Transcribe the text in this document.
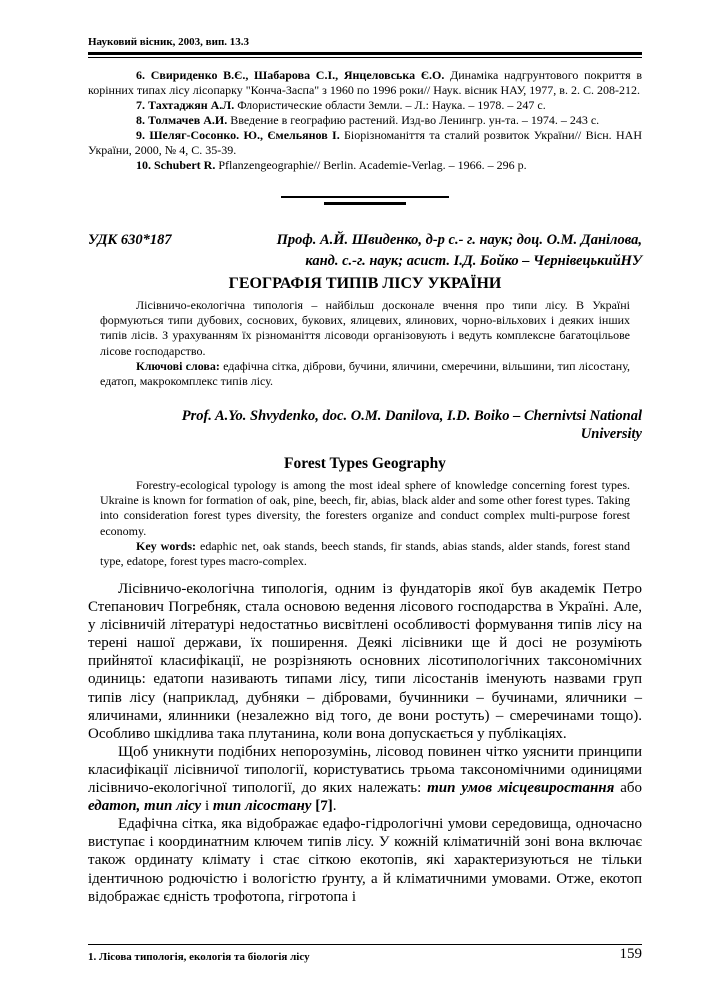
Науковий вісник, 2003, вип. 13.3

6. Свириденко В.Є., Шабарова С.І., Янцеловська Є.О. Динаміка надгрунтового покриття в корінних типах лісу лісопарку "Конча-Заспа" з 1960 по 1996 роки// Наук. вісник НАУ, 1977, в. 2. С. 208-212.

7. Тахтаджян А.Л. Флористические области Земли. – Л.: Наука. – 1978. – 247 с.

8. Толмачев А.И. Введение в географию растений. Изд-во Ленингр. ун-та. – 1974. – 243 с.

9. Шеляг-Сосонко. Ю., Ємельянов І. Біорізноманіття та сталий розвиток України// Вісн. НАН України, 2000, № 4, С. 35-39.

10. Schubert R. Pflanzengeographie// Berlin. Academie-Verlag. – 1966. – 296 р.

УДК 630*187	Проф. А.Й. Швиденко, д-р с.- г. наук; доц. О.М. Данілова,
канд. с.-г. наук; асист. І.Д. Бойко – ЧернівецькийНУ
ГЕОГРАФІЯ ТИПІВ ЛІСУ УКРАЇНИ

Лісівничо-екологічна типологія – найбільш досконале вчення про типи лісу. В Україні формуються типи дубових, соснових, букових, ялицевих, ялинових, чорно-вільхових і деяких інших типів лісів. З урахуванням їх різноманіття лісоводи організовують і ведуть комплексне багатоцільове лісове господарство.

Ключові слова: едафічна сітка, діброви, бучини, яличини, смеречини, вільшини, тип лісостану, едатоп, макрокомплекс типів лісу.

Prof. A.Yo. Shvydenko, doc. O.M. Danilova, I.D. Boiko – Chernivtsi National
University
Forest Types Geography

Forestry-ecological typology is among the most ideal sphere of knowledge concerning forest types. Ukraine is known for formation of oak, pine, beech, fir, abias, black alder and some other forest types. Taking into consideration forest types diversity, the foresters organize and conduct complex multi-purpose forest economy.

Key words: edaphic net, oak stands, beech stands, fir stands, abias stands, alder stands, forest stand type, edatope, forest types macro-complex.

Лісівничо-екологічна типологія, одним із фундаторів якої був академік Петро Степанович Погребняк, стала основою ведення лісового господарства в Україні. Але, у лісівничій літературі недостатньо висвітлені особливості формування типів лісу на терені нашої держави, їх поширення. Деякі лісівники ще й досі не розуміють прийнятої класифікації, не розрізняють основних лісотипологічних таксономічних одиниць: едатопи називають типами лісу, типи лісостанів іменують назвами груп типів лісу (наприклад, дубняки – дібровами, бучинники – бучинами, яличники – яличинами, ялинники (незалежно від того, де вони ростуть) – смеречинами тощо). Особливо шкідлива така плутанина, коли вона допускається у публікаціях.

Щоб уникнути подібних непорозумінь, лісовод повинен чітко уяснити принципи класифікації лісівничої типології, користуватись трьома таксономічними одиницями лісівничо-екологічної типології, до яких належать: тип умов місцевиростання або едатоп, тип лісу і тип лісостану [7].

Едафічна сітка, яка відображає едафо-гідрологічні умови середовища, одночасно виступає і координатним ключем типів лісу. У кожній кліматичній зоні вона включає також ординату клімату і стає сіткою екотопів, які характеризуються не тільки ідентичною родючістю і вологістю ґрунту, а й кліматичними умовами. Отже, екотоп відображає єдність трофотопа, гігротопа і

1. Лісова типологія, екологія та біологія лісу	159
